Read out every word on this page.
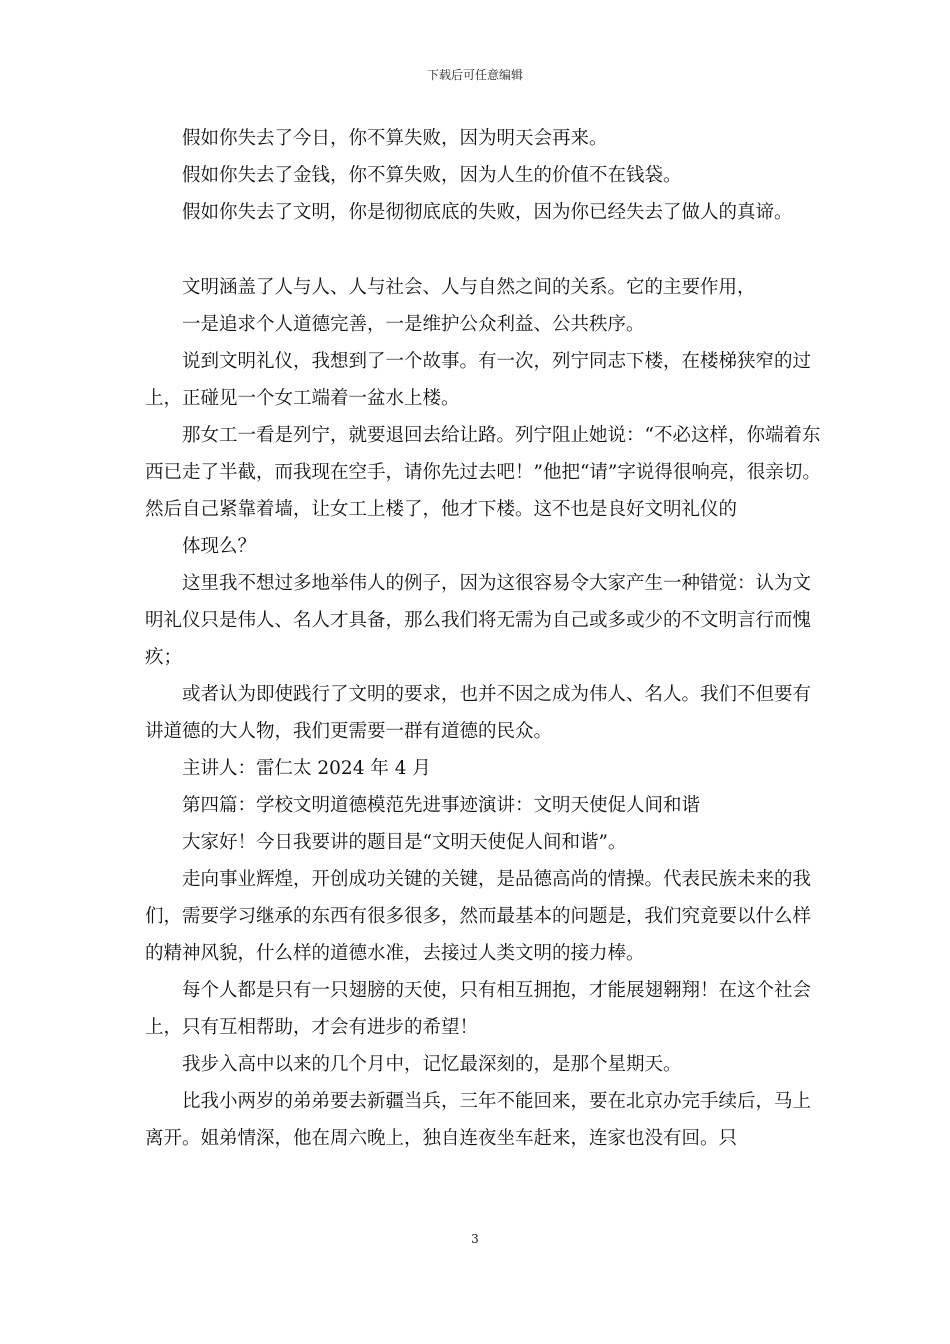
下载后可任意编辑

假如你失去了今日，你不算失败，因为明天会再来。

假如你失去了金钱，你不算失败，因为人生的价值不在钱袋。

假如你失去了文明，你是彻彻底底的失败，因为你已经失去了做人的真谛。

文明涵盖了人与人、人与社会、人与自然之间的关系。它的主要作用，

一是追求个人道德完善，一是维护公众利益、公共秩序。

说到文明礼仪，我想到了一个故事。有一次，列宁同志下楼，在楼梯狭窄的过上，正碰见一个女工端着一盆水上楼。

那女工一看是列宁，就要退回去给让路。列宁阻止她说：“不必这样，你端着东西已走了半截，而我现在空手，请你先过去吧！”他把“请”字说得很响亮，很亲切。然后自己紧靠着墙，让女工上楼了，他才下楼。这不也是良好文明礼仪的

体现么？

这里我不想过多地举伟人的例子，因为这很容易令大家产生一种错觉：认为文明礼仪只是伟人、名人才具备，那么我们将无需为自己或多或少的不文明言行而愧疚；

或者认为即使践行了文明的要求，也并不因之成为伟人、名人。我们不但要有讲道德的大人物，我们更需要一群有道德的民众。

主讲人：雷仁太 2024 年 4 月

第四篇：学校文明道德模范先进事迹演讲：文明天使促人间和谐

大家好！今日我要讲的题目是“文明天使促人间和谐”。

走向事业辉煌，开创成功关键的关键，是品德高尚的情操。代表民族未来的我们，需要学习继承的东西有很多很多，然而最基本的问题是，我们究竟要以什么样的精神风貌，什么样的道德水准，去接过人类文明的接力棒。

每个人都是只有一只翅膀的天使，只有相互拥抱，才能展翅翱翔！在这个社会上，只有互相帮助，才会有进步的希望！

我步入高中以来的几个月中，记忆最深刻的，是那个星期天。

比我小两岁的弟弟要去新疆当兵，三年不能回来，要在北京办完手续后，马上离开。姐弟情深，他在周六晚上，独自连夜坐车赶来，连家也没有回。只

3
